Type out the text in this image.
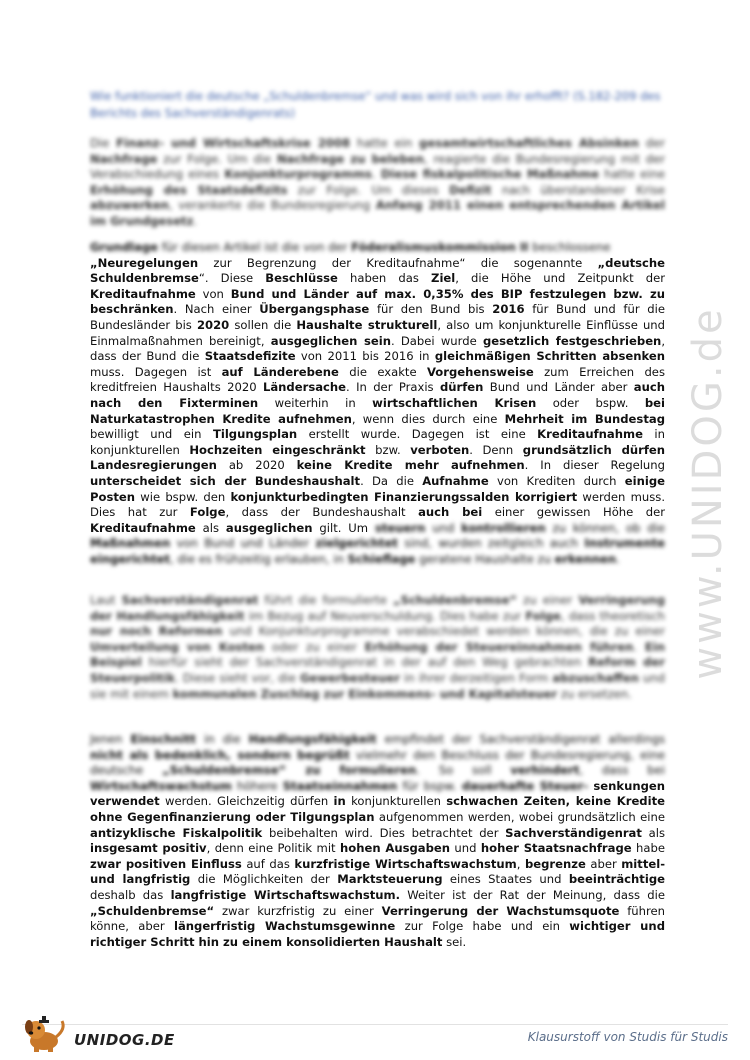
Wie funktioniert die deutsche „Schuldenbremse“ und was wird sich von ihr erhofft? (S.182-209 des Berichts des Sachverständigenrats)
Die Finanz- und Wirtschaftskrise 2008 hatte ein gesamtwirtschaftliches Absinken der Nachfrage zur Folge. Um die Nachfrage zu beleben, reagierte die Bundesregierung mit der Verabschiedung eines Konjunkturprogramms. Diese fiskalpolitische Maßnahme hatte eine Erhöhung des Staatsdefizits zur Folge. Um dieses Defizit nach überstandener Krise abzuwerken, verankerte die Bundesregierung Anfang 2011 einen entsprechenden Artikel im Grundgesetz.
Grundlage für diesen Artikel ist die von der Föderalismuskommission II beschlossene
„Neuregelungen zur Begrenzung der Kreditaufnahme“ die sogenannte „deutsche Schuldenbremse“. Diese Beschlüsse haben das Ziel, die Höhe und Zeitpunkt der Kreditaufnahme von Bund und Länder auf max. 0,35% des BIP festzulegen bzw. zu beschränken. Nach einer Übergangsphase für den Bund bis 2016 für Bund und für die Bundesländer bis 2020 sollen die Haushalte strukturell, also um konjunkturelle Einflüsse und Einmalmaßnahmen bereinigt, ausgeglichen sein. Dabei wurde gesetzlich festgeschrieben, dass der Bund die Staatsdefizite von 2011 bis 2016 in gleichmäßigen Schritten absenken muss. Dagegen ist auf Länderebene die exakte Vorgehensweise zum Erreichen des kreditfreien Haushalts 2020 Ländersache. In der Praxis dürfen Bund und Länder aber auch nach den Fixterminen weiterhin in wirtschaftlichen Krisen oder bspw. bei Naturkatastrophen Kredite aufnehmen, wenn dies durch eine Mehrheit im Bundestag bewilligt und ein Tilgungsplan erstellt wurde. Dagegen ist eine Kreditaufnahme in konjunkturellen Hochzeiten eingeschränkt bzw. verboten. Denn grundsätzlich dürfen Landesregierungen ab 2020 keine Kredite mehr aufnehmen. In dieser Regelung unterscheidet sich der Bundeshaushalt. Da die Aufnahme von Krediten durch einige Posten wie bspw. den konjunkturbedingten Finanzierungssalden korrigiert werden muss. Dies hat zur Folge, dass der Bundeshaushalt auch bei einer gewissen Höhe der Kreditaufnahme als ausgeglichen gilt. Um steuern und kontrollieren zu können, ob die Maßnahmen von Bund und Länder zielgerichtet sind, wurden zeitgleich auch Instrumente eingerichtet, die es frühzeitig erlauben, in Schieflage geratene Haushalte zu erkennen.
Laut Sachverständigenrat führt die formulierte „Schuldenbremse“ zu einer Verringerung der Handlungsfähigkeit im Bezug auf Neuverschuldung. Dies habe zur Folge, dass theoretisch nur noch Reformen und Konjunkturprogramme verabschiedet werden können, die zu einer Umverteilung von Kosten oder zu einer Erhöhung der Steuereinnahmen führen. Ein Beispiel hierfür sieht der Sachverständigenrat in der auf den Weg gebrachten Reform der Steuerpolitik. Diese sieht vor, die Gewerbesteuer in ihrer derzeitigen Form abzuschaffen und sie mit einem kommunalen Zuschlag zur Einkommens- und Kapitalsteuer zu ersetzen.
Jenen Einschnitt in die Handlungsfähigkeit empfindet der Sachverständigenrat allerdings nicht als bedenklich, sondern begrüßt vielmehr den Beschluss der Bundesregierung, eine deutsche „Schuldenbremse“ zu formulieren. So soll verhindert, dass bei Wirtschaftswachstum höhere Staatseinnahmen für bspw. dauerhafte Steuer- senkungen verwendet werden. Gleichzeitig dürfen in konjunkturellen schwachen Zeiten, keine Kredite ohne Gegenfinanzierung oder Tilgungsplan aufgenommen werden, wobei grundsätzlich eine antizyklische Fiskalpolitik beibehalten wird. Dies betrachtet der Sachverständigenrat als insgesamt positiv, denn eine Politik mit hohen Ausgaben und hoher Staatsnachfrage habe zwar positiven Einfluss auf das kurzfristige Wirtschaftswachstum, begrenze aber mittel- und langfristig die Möglichkeiten der Marktsteuerung eines Staates und beeinträchtige deshalb das langfristige Wirtschaftswachstum. Weiter ist der Rat der Meinung, dass die „Schuldenbremse“ zwar kurzfristig zu einer Verringerung der Wachstumsquote führen könne, aber längerfristig Wachstumsgewinne zur Folge habe und ein wichtiger und richtiger Schritt hin zu einem konsolidierten Haushalt sei.
www.UNIDOG.de
UNIDOG.DE	Klausurstoff von Studis für Studis
